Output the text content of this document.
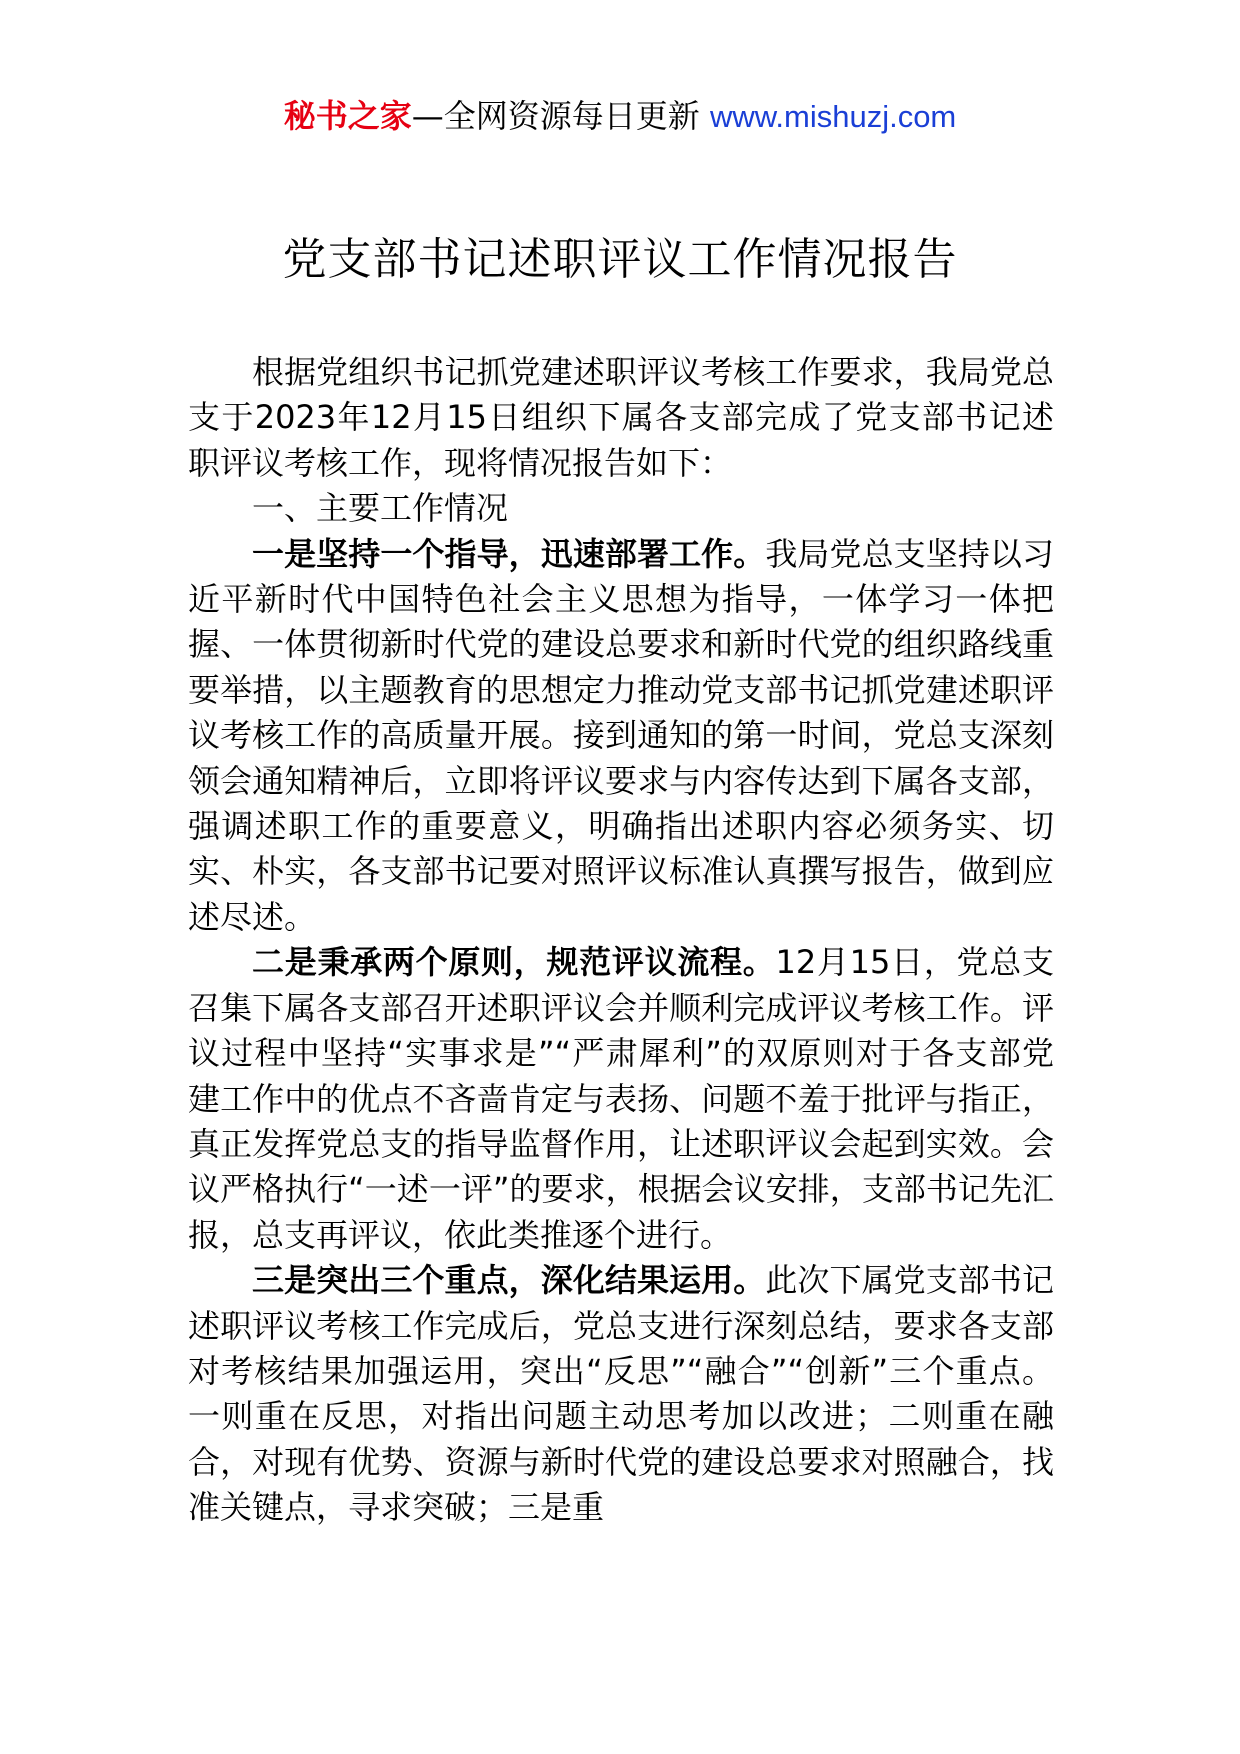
秘书之家—全网资源每日更新 www.mishuzj.com
党支部书记述职评议工作情况报告

根据党组织书记抓党建述职评议考核工作要求，我局党总支于2023年12月15日组织下属各支部完成了党支部书记述职评议考核工作，现将情况报告如下：

一、主要工作情况

一是坚持一个指导，迅速部署工作。我局党总支坚持以习近平新时代中国特色社会主义思想为指导，一体学习一体把握、一体贯彻新时代党的建设总要求和新时代党的组织路线重要举措，以主题教育的思想定力推动党支部书记抓党建述职评议考核工作的高质量开展。接到通知的第一时间，党总支深刻领会通知精神后，立即将评议要求与内容传达到下属各支部，强调述职工作的重要意义，明确指出述职内容必须务实、切实、朴实，各支部书记要对照评议标准认真撰写报告，做到应述尽述。

二是秉承两个原则，规范评议流程。12月15日，党总支召集下属各支部召开述职评议会并顺利完成评议考核工作。评议过程中坚持“实事求是”“严肃犀利”的双原则对于各支部党建工作中的优点不吝啬肯定与表扬、问题不羞于批评与指正，真正发挥党总支的指导监督作用，让述职评议会起到实效。会议严格执行“一述一评”的要求，根据会议安排，支部书记先汇报，总支再评议，依此类推逐个进行。

三是突出三个重点，深化结果运用。此次下属党支部书记述职评议考核工作完成后，党总支进行深刻总结，要求各支部对考核结果加强运用，突出“反思”“融合”“创新”三个重点。一则重在反思，对指出问题主动思考加以改进；二则重在融合，对现有优势、资源与新时代党的建设总要求对照融合，找准关键点，寻求突破；三是重
